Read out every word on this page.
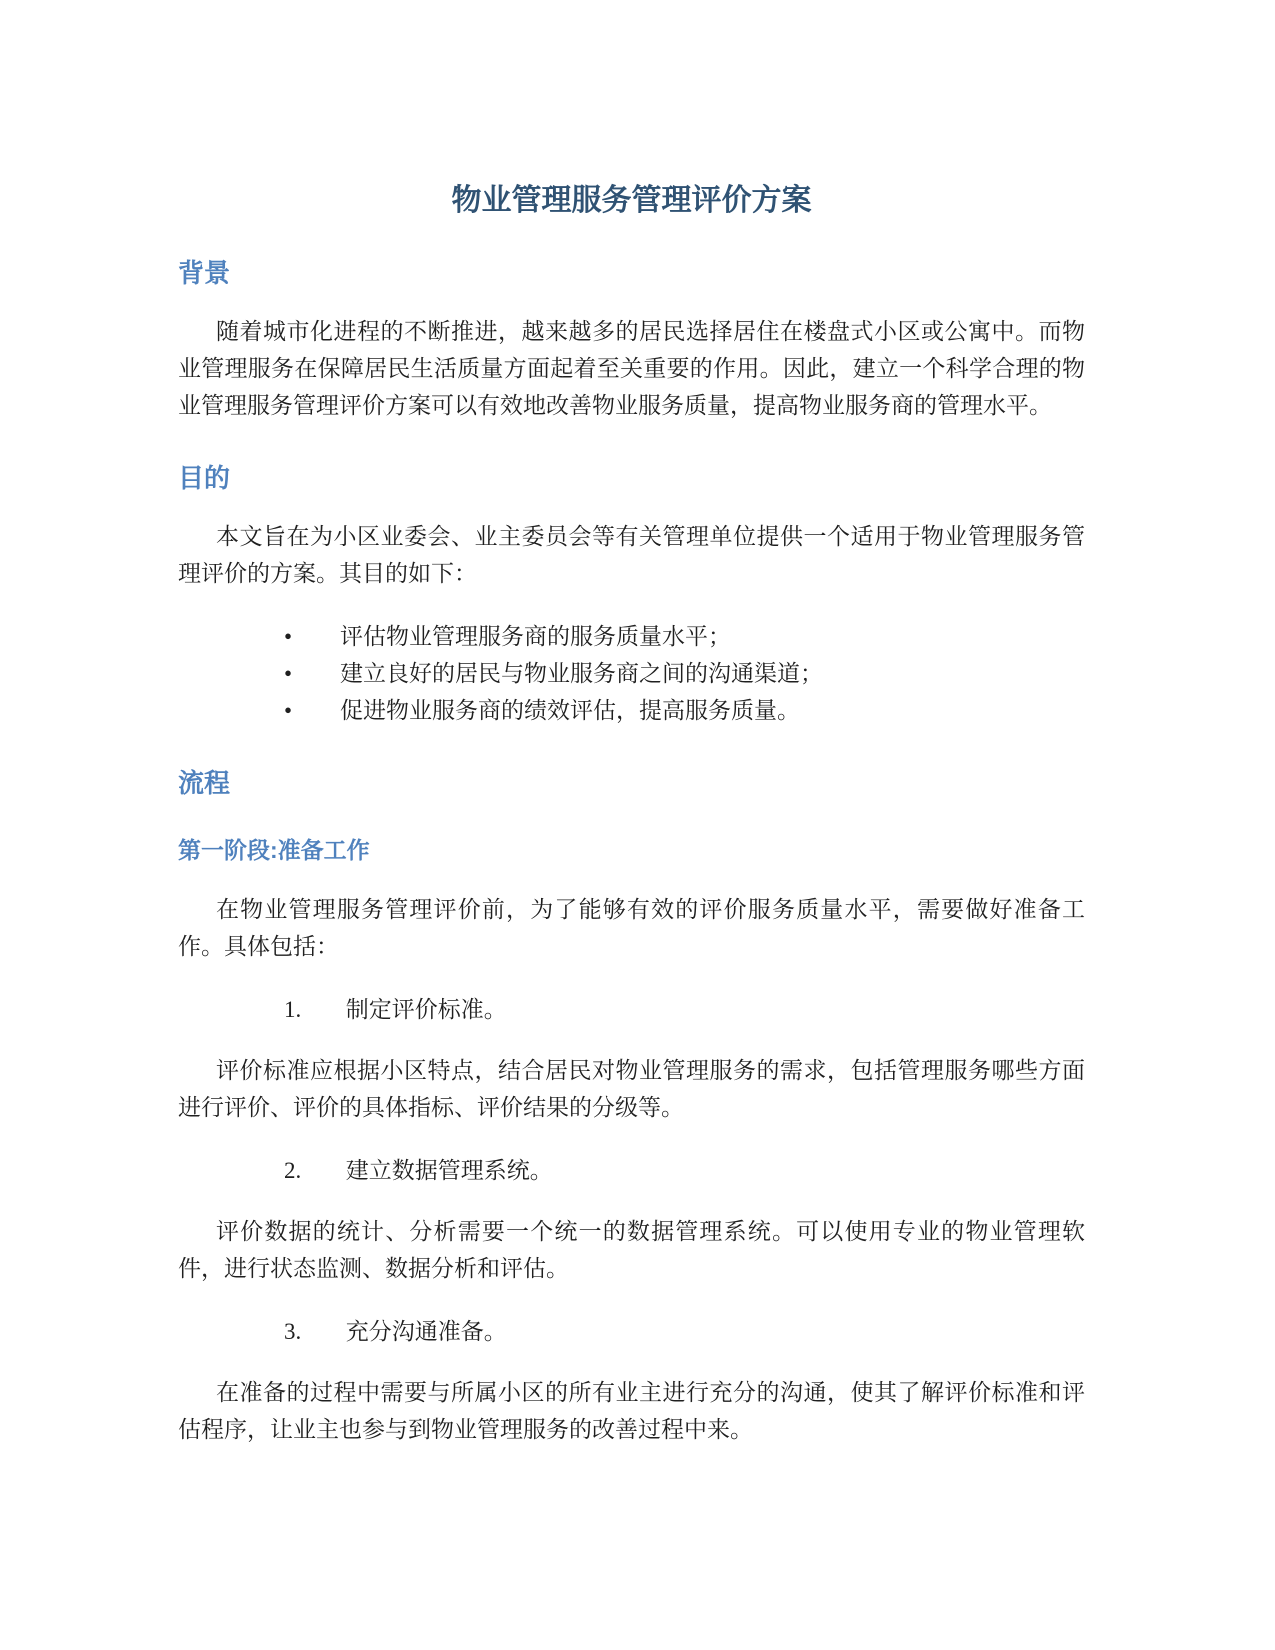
物业管理服务管理评价方案
背景

随着城市化进程的不断推进，越来越多的居民选择居住在楼盘式小区或公寓中。而物业管理服务在保障居民生活质量方面起着至关重要的作用。因此，建立一个科学合理的物业管理服务管理评价方案可以有效地改善物业服务质量，提高物业服务商的管理水平。

目的

本文旨在为小区业委会、业主委员会等有关管理单位提供一个适用于物业管理服务管理评价的方案。其目的如下：

•	评估物业管理服务商的服务质量水平；
•	建立良好的居民与物业服务商之间的沟通渠道；
•	促进物业服务商的绩效评估，提高服务质量。
流程
第一阶段:准备工作

在物业管理服务管理评价前，为了能够有效的评价服务质量水平，需要做好准备工作。具体包括：

1. 制定评价标准。

评价标准应根据小区特点，结合居民对物业管理服务的需求，包括管理服务哪些方面进行评价、评价的具体指标、评价结果的分级等。

2. 建立数据管理系统。

评价数据的统计、分析需要一个统一的数据管理系统。可以使用专业的物业管理软件，进行状态监测、数据分析和评估。

3. 充分沟通准备。

在准备的过程中需要与所属小区的所有业主进行充分的沟通，使其了解评价标准和评估程序，让业主也参与到物业管理服务的改善过程中来。
